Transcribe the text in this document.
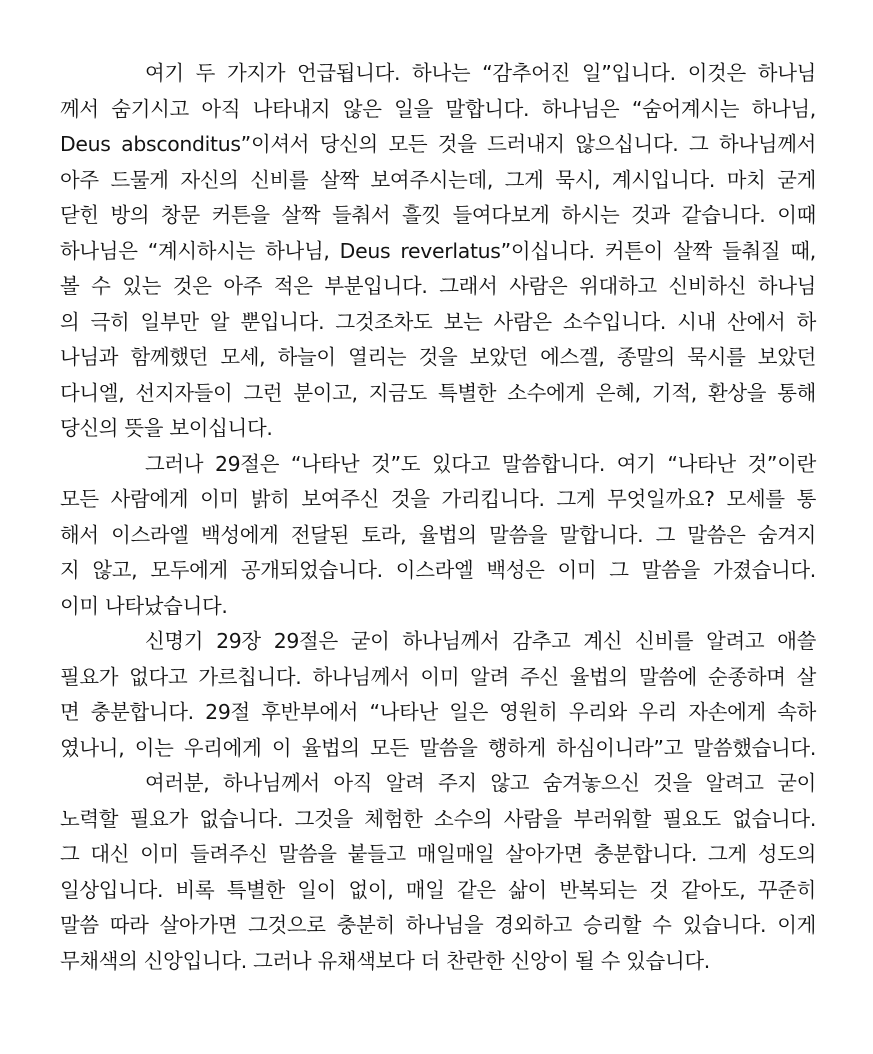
여기 두 가지가 언급됩니다. 하나는 “감추어진 일”입니다. 이것은 하나님
께서 숨기시고 아직 나타내지 않은 일을 말합니다. 하나님은 “숨어계시는 하나님,
Deus absconditus”이셔서 당신의 모든 것을 드러내지 않으십니다. 그 하나님께서
아주 드물게 자신의 신비를 살짝 보여주시는데, 그게 묵시, 계시입니다. 마치 굳게
닫힌 방의 창문 커튼을 살짝 들춰서 흘낏 들여다보게 하시는 것과 같습니다. 이때
하나님은 “계시하시는 하나님, Deus reverlatus”이십니다. 커튼이 살짝 들춰질 때,
볼 수 있는 것은 아주 적은 부분입니다. 그래서 사람은 위대하고 신비하신 하나님
의 극히 일부만 알 뿐입니다. 그것조차도 보는 사람은 소수입니다. 시내 산에서 하
나님과 함께했던 모세, 하늘이 열리는 것을 보았던 에스겔, 종말의 묵시를 보았던
다니엘, 선지자들이 그런 분이고, 지금도 특별한 소수에게 은혜, 기적, 환상을 통해
당신의 뜻을 보이십니다.
그러나 29절은 “나타난 것”도 있다고 말씀합니다. 여기 “나타난 것”이란
모든 사람에게 이미 밝히 보여주신 것을 가리킵니다. 그게 무엇일까요? 모세를 통
해서 이스라엘 백성에게 전달된 토라, 율법의 말씀을 말합니다. 그 말씀은 숨겨지
지 않고, 모두에게 공개되었습니다. 이스라엘 백성은 이미 그 말씀을 가졌습니다.
이미 나타났습니다.
신명기 29장 29절은 굳이 하나님께서 감추고 계신 신비를 알려고 애쓸
필요가 없다고 가르칩니다. 하나님께서 이미 알려 주신 율법의 말씀에 순종하며 살
면 충분합니다. 29절 후반부에서 “나타난 일은 영원히 우리와 우리 자손에게 속하
였나니, 이는 우리에게 이 율법의 모든 말씀을 행하게 하심이니라”고 말씀했습니다.
여러분, 하나님께서 아직 알려 주지 않고 숨겨놓으신 것을 알려고 굳이
노력할 필요가 없습니다. 그것을 체험한 소수의 사람을 부러워할 필요도 없습니다.
그 대신 이미 들려주신 말씀을 붙들고 매일매일 살아가면 충분합니다. 그게 성도의
일상입니다. 비록 특별한 일이 없이, 매일 같은 삶이 반복되는 것 같아도, 꾸준히
말씀 따라 살아가면 그것으로 충분히 하나님을 경외하고 승리할 수 있습니다. 이게
무채색의 신앙입니다. 그러나 유채색보다 더 찬란한 신앙이 될 수 있습니다.
